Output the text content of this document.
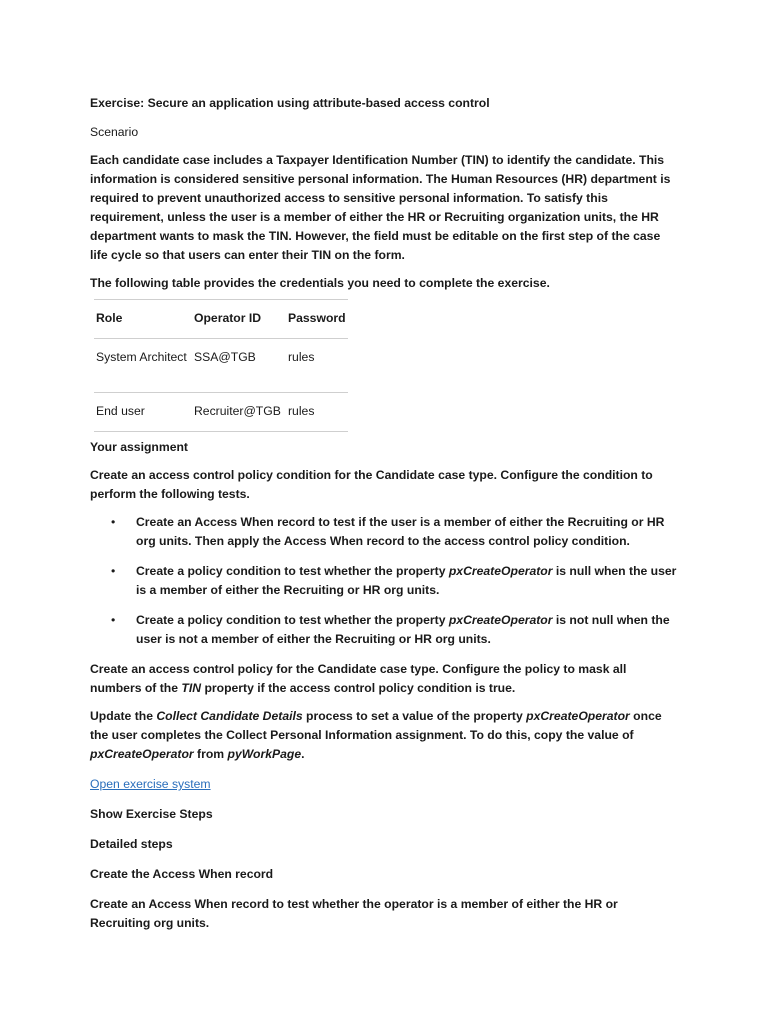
Exercise: Secure an application using attribute-based access control

Scenario

Each candidate case includes a Taxpayer Identification Number (TIN) to identify the candidate. This information is considered sensitive personal information. The Human Resources (HR) department is required to prevent unauthorized access to sensitive personal information. To satisfy this requirement, unless the user is a member of either the HR or Recruiting organization units, the HR department wants to mask the TIN. However, the field must be editable on the first step of the case life cycle so that users can enter their TIN on the form.

The following table provides the credentials you need to complete the exercise.

Role	Operator ID	Password
System Architect	SSA@TGB	rules
End user	Recruiter@TGB	rules

Your assignment

Create an access control policy condition for the Candidate case type. Configure the condition to perform the following tests.

• Create an Access When record to test if the user is a member of either the Recruiting or HR org units. Then apply the Access When record to the access control policy condition.
• Create a policy condition to test whether the property pxCreateOperator is null when the user is a member of either the Recruiting or HR org units.
• Create a policy condition to test whether the property pxCreateOperator is not null when the user is not a member of either the Recruiting or HR org units.

Create an access control policy for the Candidate case type. Configure the policy to mask all numbers of the TIN property if the access control policy condition is true.

Update the Collect Candidate Details process to set a value of the property pxCreateOperator once the user completes the Collect Personal Information assignment. To do this, copy the value of pxCreateOperator from pyWorkPage.

Open exercise system

Show Exercise Steps

Detailed steps

Create the Access When record

Create an Access When record to test whether the operator is a member of either the HR or Recruiting org units.
